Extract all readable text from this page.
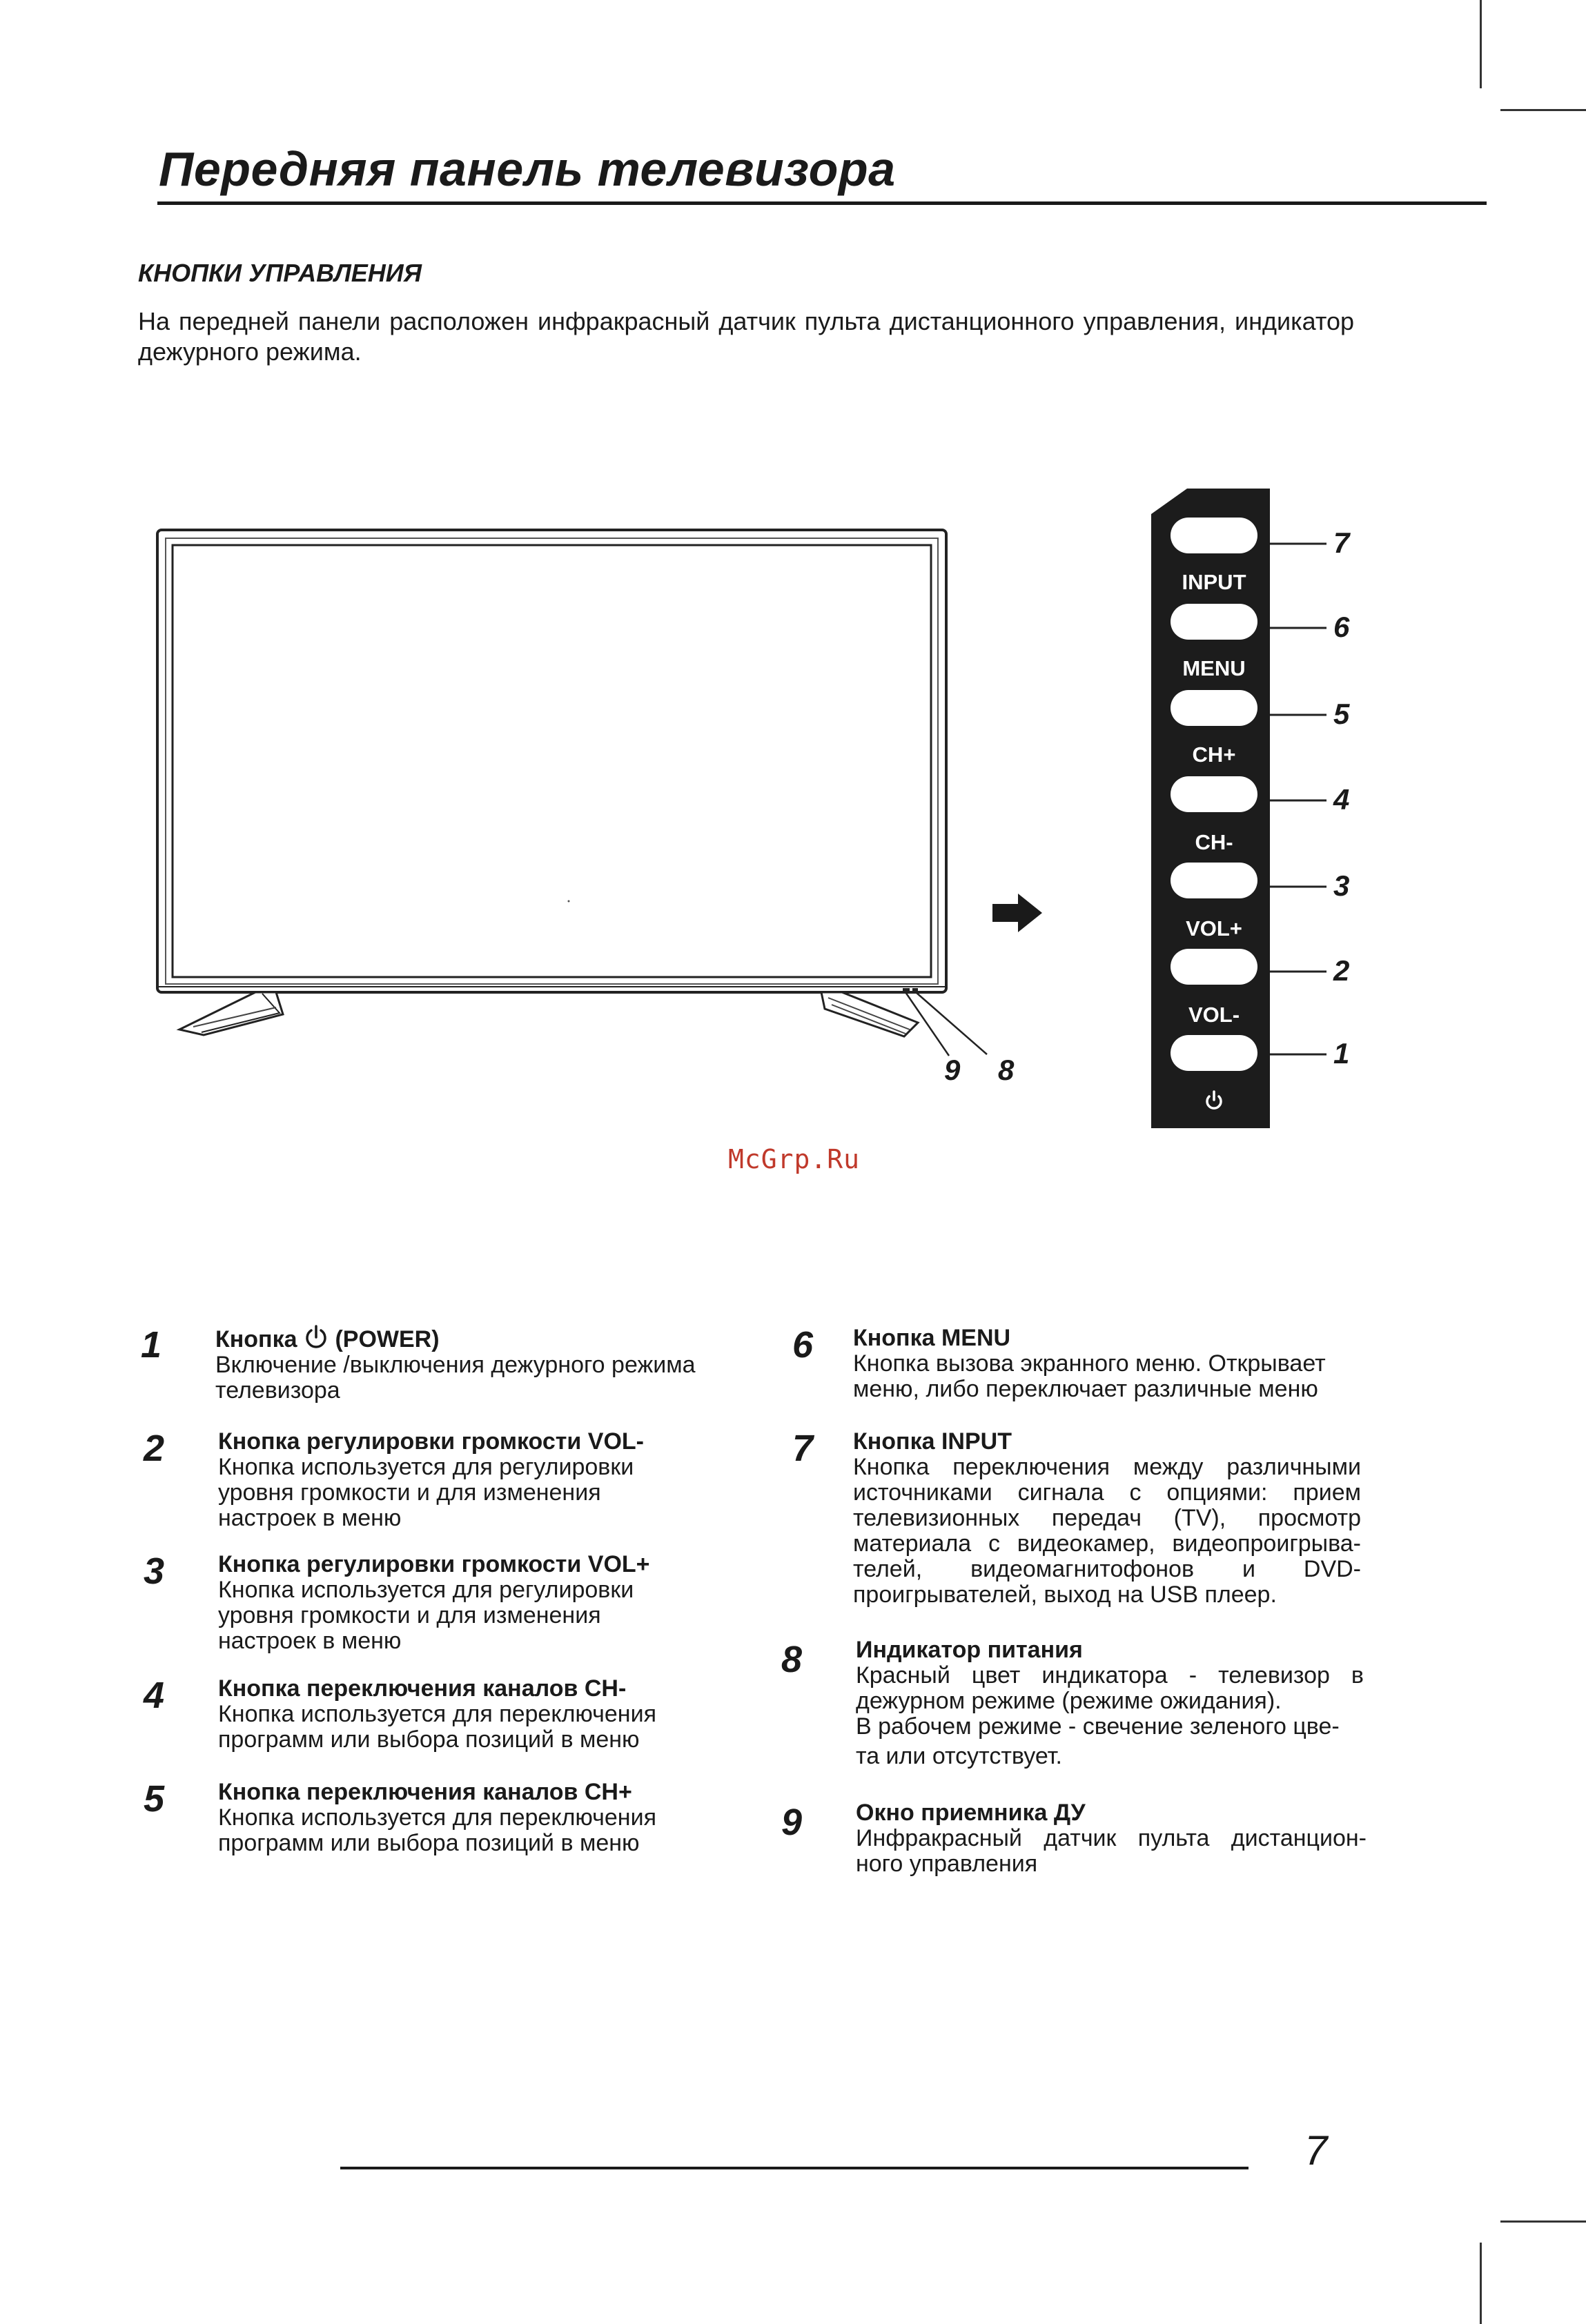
Передняя панель телевизора
КНОПКИ УПРАВЛЕНИЯ
На передней панели расположен инфракрасный датчик пульта дистанционного управления, индикатор дежурного режима.
9 8
INPUT
MENU
CH+
CH-
VOL+
VOL-
7
6
5
4
3
2
1
McGrp.Ru
1 Кнопка (POWER)
Включение /выключения дежурного режима
телевизора
2 Кнопка регулировки громкости VOL-
Кнопка используется для регулировки
уровня громкости и для изменения
настроек в меню
3 Кнопка регулировки громкости VOL+
Кнопка используется для регулировки
уровня громкости и для изменения
настроек в меню
4 Кнопка переключения каналов CH-
Кнопка используется для переключения
программ или выбора позиций в меню
5 Кнопка переключения каналов CH+
Кнопка используется для переключения
программ или выбора позиций в меню
6 Кнопка MENU
Кнопка вызова экранного меню. Открывает
меню, либо переключает различные меню
7 Кнопка INPUT
Кнопка переключения между различными
источниками сигнала с опциями: прием
телевизионных передач (TV), просмотр
материала с видеокамер, видеопроигрыва-
телей, видеомагнитофонов и DVD-
проигрывателей, выход на USB плеер.
8 Индикатор питания
Красный цвет индикатора - телевизор в
дежурном режиме (режиме ожидания).
В рабочем режиме - свечение зеленого цве-
та или отсутствует.
9 Окно приемника ДУ
Инфракрасный датчик пульта дистанцион-
ного управления
7
